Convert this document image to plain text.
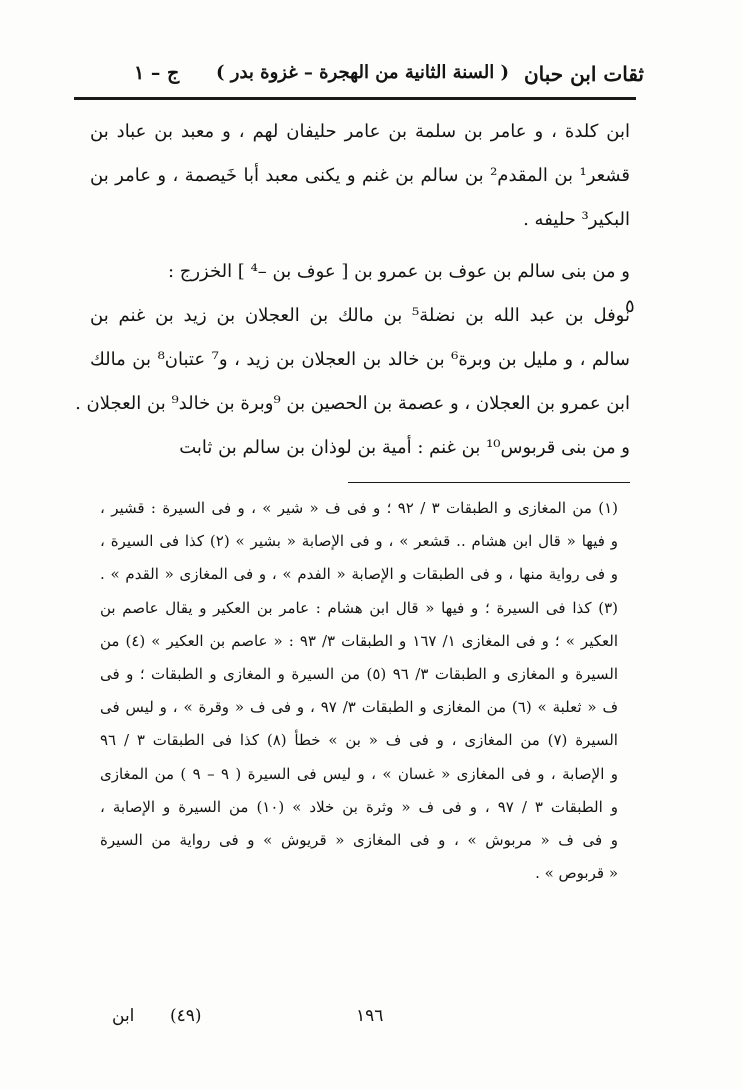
ثقات ابن حبان
( السنة الثانية من الهجرة – غزوة بدر )
ج – ١
ابن كلدة ، و عامر بن سلمة بن عامر حليفان لهم ، و معبد بن عباد بن
قشعر¹ بن المقدم² بن سالم بن غنم و يكنى معبد أبا خَيصمة ، و عامر بن
البكير³ حليفه .
و من بنى سالم بن عوف بن عمرو بن [ عوف بن –⁴ ] الخزرج :
نوفل بن عبد الله بن نضلة⁵ بن مالك بن العجلان بن زيد بن غنم بن
سالم ، و مليل بن وبرة⁶ بن خالد بن العجلان بن زيد ، و⁷ عتبان⁸ بن مالك
ابن عمرو بن العجلان ، و عصمة بن الحصين بن ⁹وبرة بن خالد⁹ بن العجلان .
و من بنى قربوس¹⁰ بن غنم : أمية بن لوذان بن سالم بن ثابت
٥
(١) من المغازى و الطبقات ٣ / ٩٢ ؛ و فى ف « شير » ، و فى السيرة : قشير ،
و فيها « قال ابن هشام .. قشعر » ، و فى الإصابة « بشير » (٢) كذا فى السيرة ،
و فى رواية منها ، و فى الطبقات و الإصابة « الفدم » ، و فى المغازى « القدم » .
(٣) كذا فى السيرة ؛ و فيها « قال ابن هشام : عامر بن العكير و يقال عاصم بن
العكير » ؛ و فى المغازى ١/ ١٦٧ و الطبقات ٣/ ٩٣ : « عاصم بن العكير » (٤) من
السيرة و المغازى و الطبقات ٣/ ٩٦ (٥) من السيرة و المغازى و الطبقات ؛ و فى
ف « ثعلبة » (٦) من المغازى و الطبقات ٣/ ٩٧ ، و فى ف « وقرة » ، و ليس فى
السيرة (٧) من المغازى ، و فى ف « بن » خطأ (٨) كذا فى الطبقات ٣ / ٩٦
و الإصابة ، و فى المغازى « غسان » ، و ليس فى السيرة ( ٩ – ٩ ) من المغازى
و الطبقات ٣ / ٩٧ ، و فى ف « وثرة بن خلاد » (١٠) من السيرة و الإصابة ،
و فى ف « مربوش » ، و فى المغازى « قريوش » و فى رواية من السيرة
« قربوص » .
١٩٦
(٤٩)
ابن
